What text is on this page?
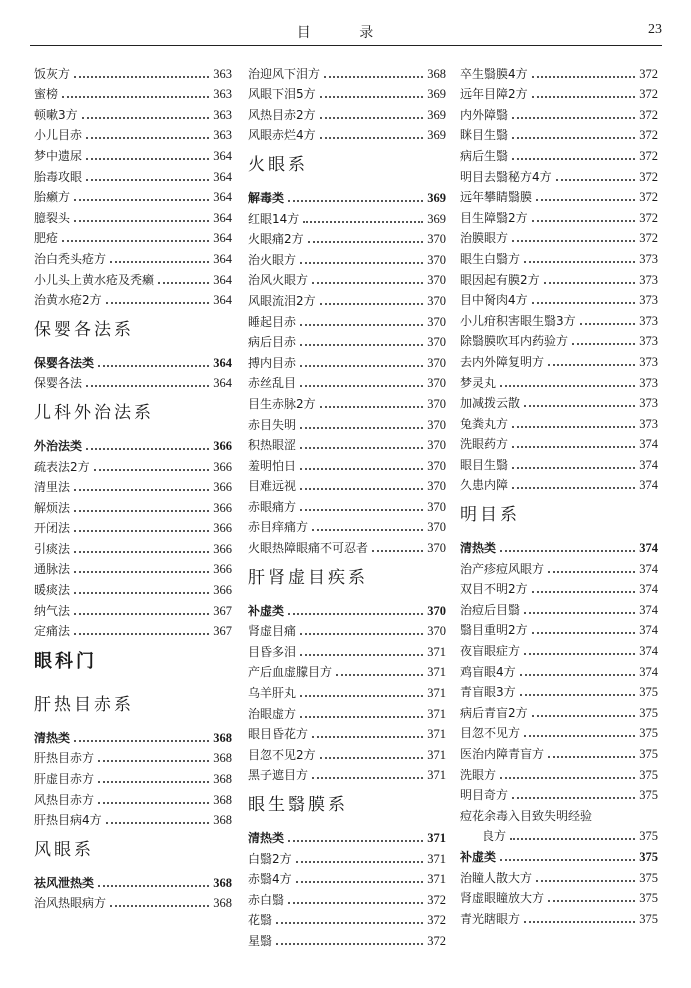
目 录	23
饭灰方	363
蜜榜	363
顿嗽3方	363
小儿目赤	363
梦中遗尿	364
胎毒攻眼	364
胎癞方	364
臆裂头	364
肥疮	364
治白秃头疮方	364
小儿头上黄水疮及秃癞	364
治黄水疮2方	364
保婴各法系
保婴各法类	364
保婴各法	364
儿科外治法系
外治法类	366
疏表法2方	366
清里法	366
解烦法	366
开闭法	366
引痰法	366
通脉法	366
暖痰法	366
纳气法	367
定痛法	367
眼科门
肝热目赤系
清热类	368
肝热目赤方	368
肝虚目赤方	368
风热目赤方	368
肝热目病4方	368
风眼系
祛风泄热类	368
治风热眼病方	368
治迎风下泪方	368
风眼下泪5方	369
风热目赤2方	369
风眼赤烂4方	369
火眼系
解毒类	369
红眼14方	369
火眼痛2方	370
治火眼方	370
治风火眼方	370
风眼流泪2方	370
睡起目赤	370
病后目赤	370
搏内目赤	370
赤丝乱目	370
目生赤脉2方	370
赤目失明	370
积热眼涩	370
羞明怕日	370
目难远视	370
赤眼痛方	370
赤目痒痛方	370
火眼热障眼痛不可忍者	370
肝肾虚目疾系
补虚类	370
肾虚目痛	370
目昏多泪	371
产后血虚朦目方	371
乌羊肝丸	371
治眼虚方	371
眼目昏花方	371
目忽不见2方	371
黑子遮目方	371
眼生翳膜系
清热类	371
白翳2方	371
赤翳4方	371
赤白翳	372
花翳	372
星翳	372
卒生翳膜4方	372
远年目障2方	372
内外障翳	372
眯目生翳	372
病后生翳	372
明目去翳秘方4方	372
远年攀睛翳膜	372
目生障翳2方	372
治膜眼方	372
眼生白翳方	373
眼因起有膜2方	373
目中胬肉4方	373
小儿疳积害眼生翳3方	373
除翳膜吹耳内药验方	373
去内外障复明方	373
梦灵丸	373
加减拨云散	373
兔粪丸方	373
洗眼药方	374
眼目生翳	374
久患内障	374
明目系
清热类	374
治产疹痘风眼方	374
双目不明2方	374
治痘后目翳	374
翳目重明2方	374
夜盲眼症方	374
鸡盲眼4方	374
青盲眼3方	375
病后青盲2方	375
目忽不见方	375
医治内障青盲方	375
洗眼方	375
明目奇方	375
痘花余毒入目致失明经验
良方	375
补虚类	375
治瞳人散大方	375
肾虚眼瞳放大方	375
青光瞎眼方	375
